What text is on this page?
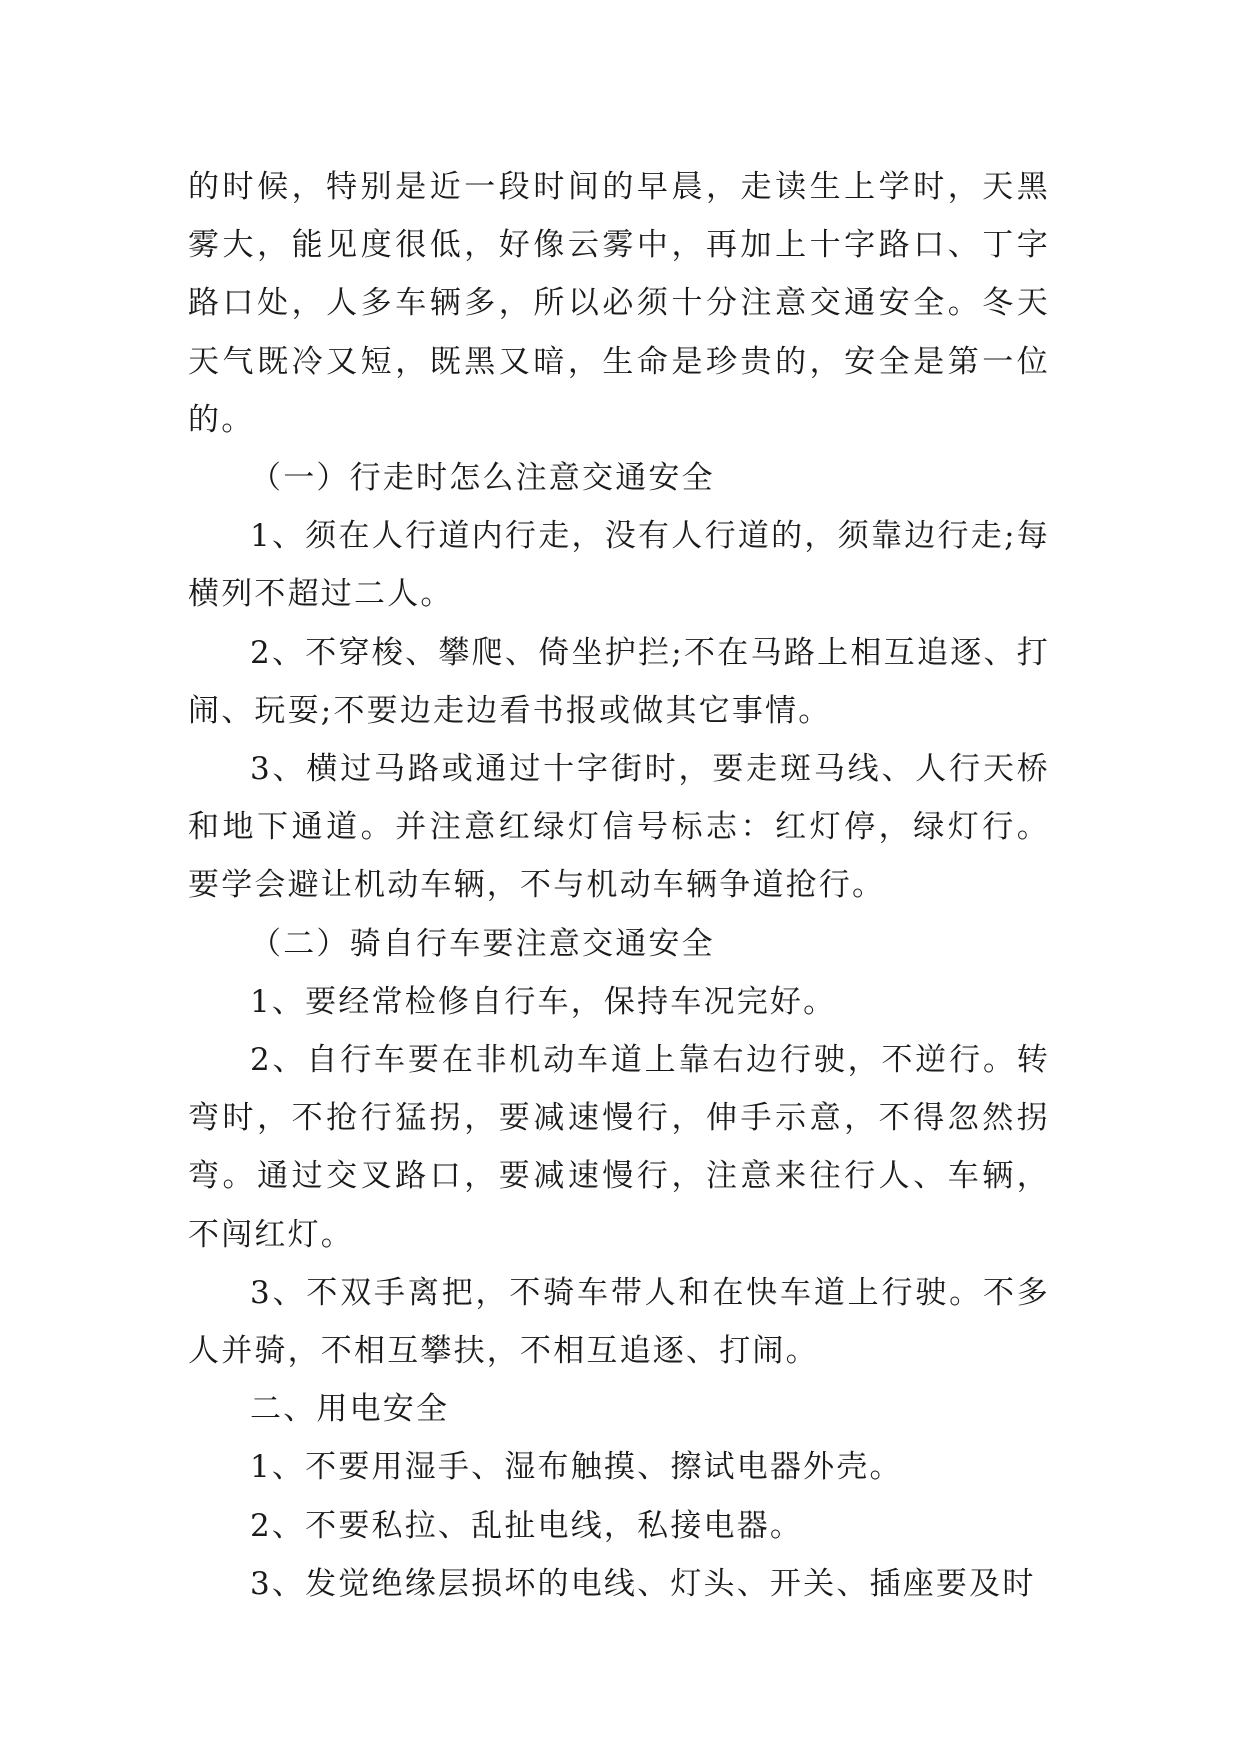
的时候，特别是近一段时间的早晨，走读生上学时，天黑雾大，能见度很低，好像云雾中，再加上十字路口、丁字路口处，人多车辆多，所以必须十分注意交通安全。冬天天气既冷又短，既黑又暗，生命是珍贵的，安全是第一位的。

（一）行走时怎么注意交通安全

1、须在人行道内行走，没有人行道的，须靠边行走;每横列不超过二人。

2、不穿梭、攀爬、倚坐护拦;不在马路上相互追逐、打闹、玩耍;不要边走边看书报或做其它事情。

3、横过马路或通过十字街时，要走斑马线、人行天桥和地下通道。并注意红绿灯信号标志：红灯停，绿灯行。要学会避让机动车辆，不与机动车辆争道抢行。

（二）骑自行车要注意交通安全

1、要经常检修自行车，保持车况完好。

2、自行车要在非机动车道上靠右边行驶，不逆行。转弯时，不抢行猛拐，要减速慢行，伸手示意，不得忽然拐弯。通过交叉路口，要减速慢行，注意来往行人、车辆，不闯红灯。

3、不双手离把，不骑车带人和在快车道上行驶。不多人并骑，不相互攀扶，不相互追逐、打闹。

二、用电安全

1、不要用湿手、湿布触摸、擦试电器外壳。

2、不要私拉、乱扯电线，私接电器。

3、发觉绝缘层损坏的电线、灯头、开关、插座要及时
